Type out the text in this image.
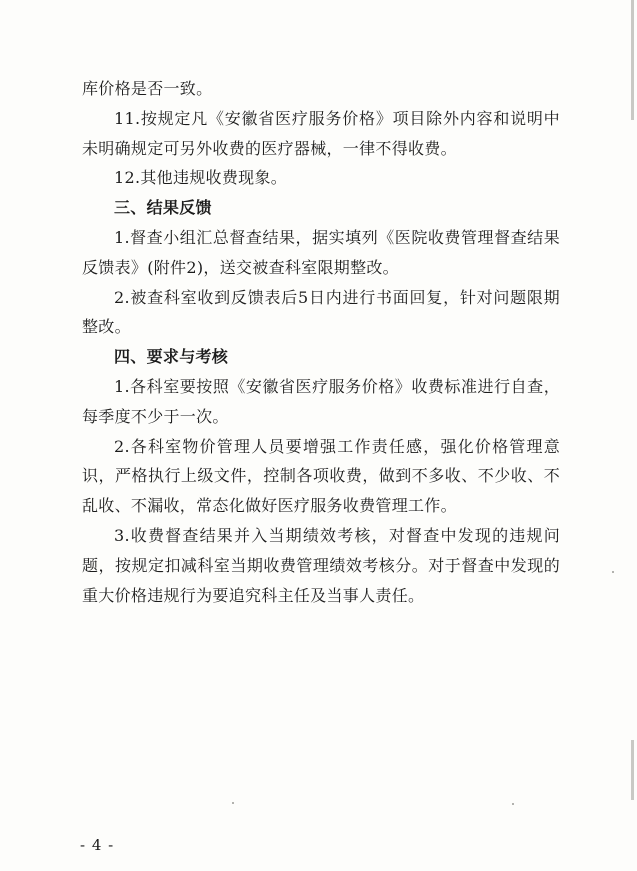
库价格是否一致。

11.按规定凡《安徽省医疗服务价格》项目除外内容和说明中未明确规定可另外收费的医疗器械，一律不得收费。

12.其他违规收费现象。

三、结果反馈

1.督查小组汇总督查结果，据实填列《医院收费管理督查结果反馈表》(附件2)，送交被查科室限期整改。

2.被查科室收到反馈表后5日内进行书面回复，针对问题限期整改。

四、要求与考核

1.各科室要按照《安徽省医疗服务价格》收费标准进行自查，每季度不少于一次。

2.各科室物价管理人员要增强工作责任感，强化价格管理意识，严格执行上级文件，控制各项收费，做到不多收、不少收、不乱收、不漏收，常态化做好医疗服务收费管理工作。

3.收费督查结果并入当期绩效考核，对督查中发现的违规问题，按规定扣减科室当期收费管理绩效考核分。对于督查中发现的重大价格违规行为要追究科主任及当事人责任。

- 4 -
